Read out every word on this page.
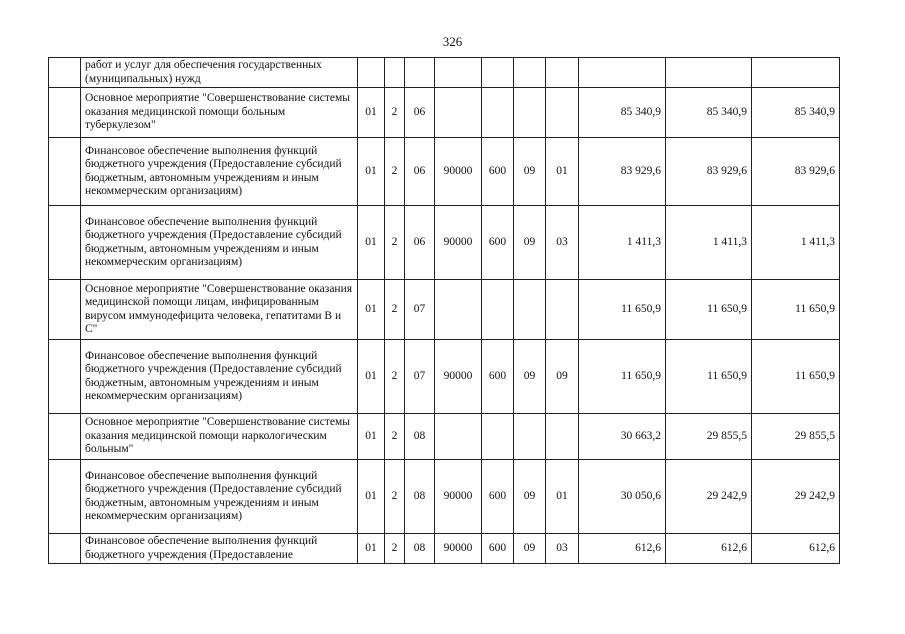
326
	работ и услуг для обеспечения государственных (муниципальных) нужд										
	Основное мероприятие "Совершенствование системы оказания медицинской помощи больным туберкулезом"	01	2	06					85 340,9	85 340,9	85 340,9
	Финансовое обеспечение выполнения функций бюджетного учреждения (Предоставление субсидий бюджетным, автономным учреждениям и иным некоммерческим организациям)	01	2	06	90000	600	09	01	83 929,6	83 929,6	83 929,6
	Финансовое обеспечение выполнения функций бюджетного учреждения (Предоставление субсидий бюджетным, автономным учреждениям и иным некоммерческим организациям)	01	2	06	90000	600	09	03	1 411,3	1 411,3	1 411,3
	Основное мероприятие "Совершенствование оказания медицинской помощи лицам, инфицированным вирусом иммунодефицита человека, гепатитами В и С"	01	2	07					11 650,9	11 650,9	11 650,9
	Финансовое обеспечение выполнения функций бюджетного учреждения (Предоставление субсидий бюджетным, автономным учреждениям и иным некоммерческим организациям)	01	2	07	90000	600	09	09	11 650,9	11 650,9	11 650,9
	Основное мероприятие "Совершенствование системы оказания медицинской помощи наркологическим больным"	01	2	08					30 663,2	29 855,5	29 855,5
	Финансовое обеспечение выполнения функций бюджетного учреждения (Предоставление субсидий бюджетным, автономным учреждениям и иным некоммерческим организациям)	01	2	08	90000	600	09	01	30 050,6	29 242,9	29 242,9
	Финансовое обеспечение выполнения функций бюджетного учреждения (Предоставление	01	2	08	90000	600	09	03	612,6	612,6	612,6
